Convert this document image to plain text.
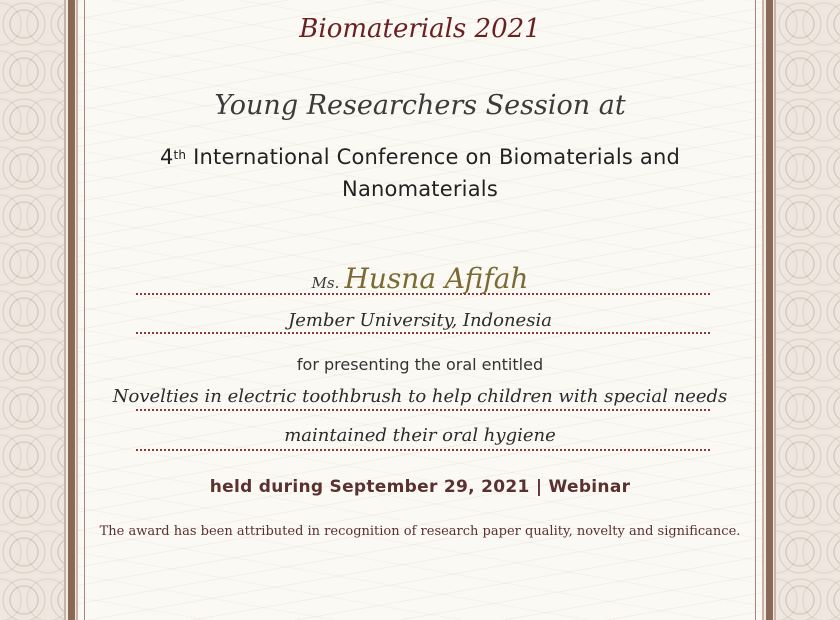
Biomaterials 2021
Young Researchers Session at
4th International Conference on Biomaterials and
Nanomaterials
Ms. Husna Afifah
Jember University, Indonesia
for presenting the oral entitled
Novelties in electric toothbrush to help children with special needs
maintained their oral hygiene
held during September 29, 2021 | Webinar
The award has been attributed in recognition of research paper quality, novelty and significance.
